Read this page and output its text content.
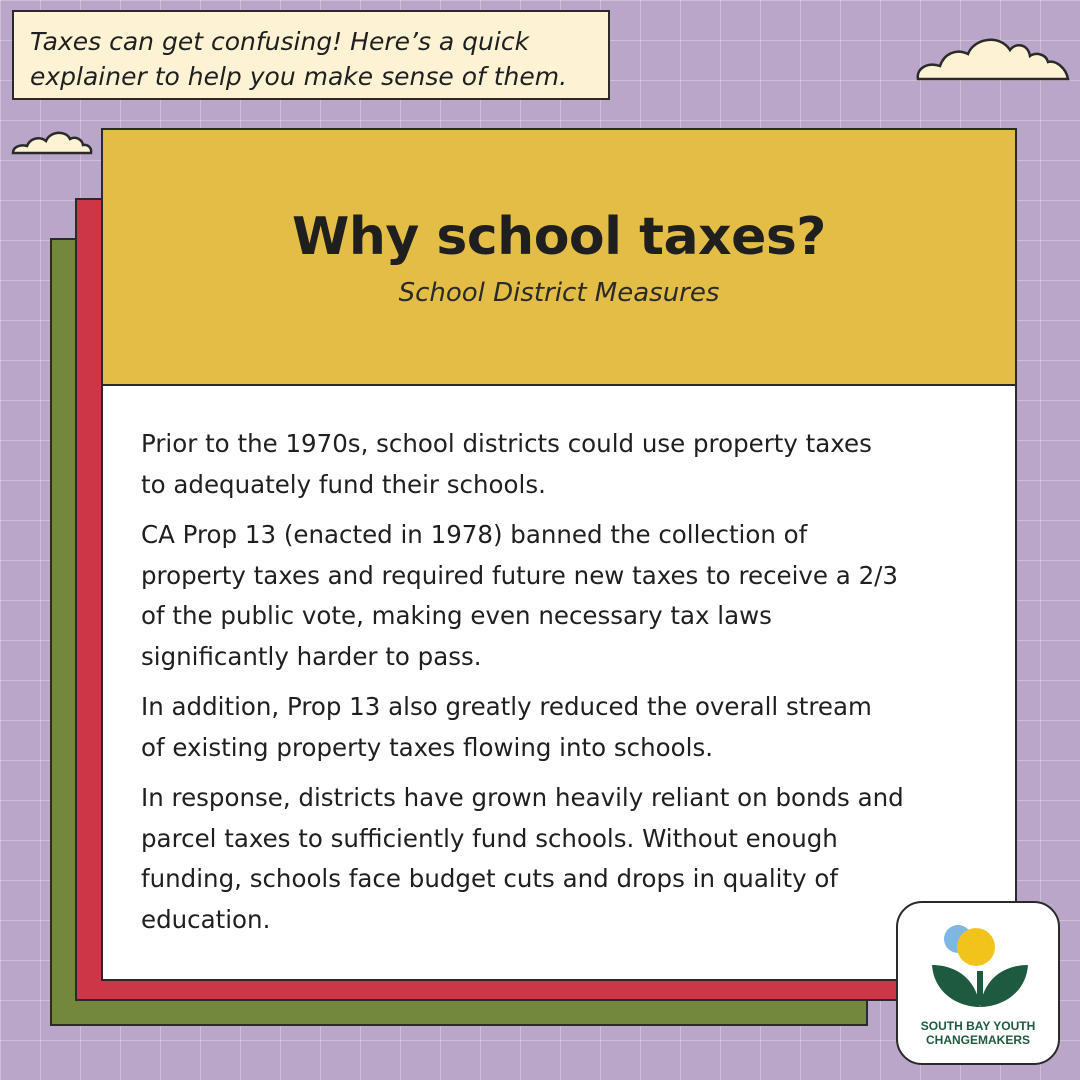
Taxes can get confusing! Here’s a quick
explainer to help you make sense of them.
Why school taxes?
School District Measures
Prior to the 1970s, school districts could use property taxes
to adequately fund their schools.
CA Prop 13 (enacted in 1978) banned the collection of
property taxes and required future new taxes to receive a 2/3
of the public vote, making even necessary tax laws
significantly harder to pass.
In addition, Prop 13 also greatly reduced the overall stream
of existing property taxes flowing into schools.
In response, districts have grown heavily reliant on bonds and
parcel taxes to sufficiently fund schools. Without enough
funding, schools face budget cuts and drops in quality of
education.
SOUTH BAY YOUTH
CHANGEMAKERS
